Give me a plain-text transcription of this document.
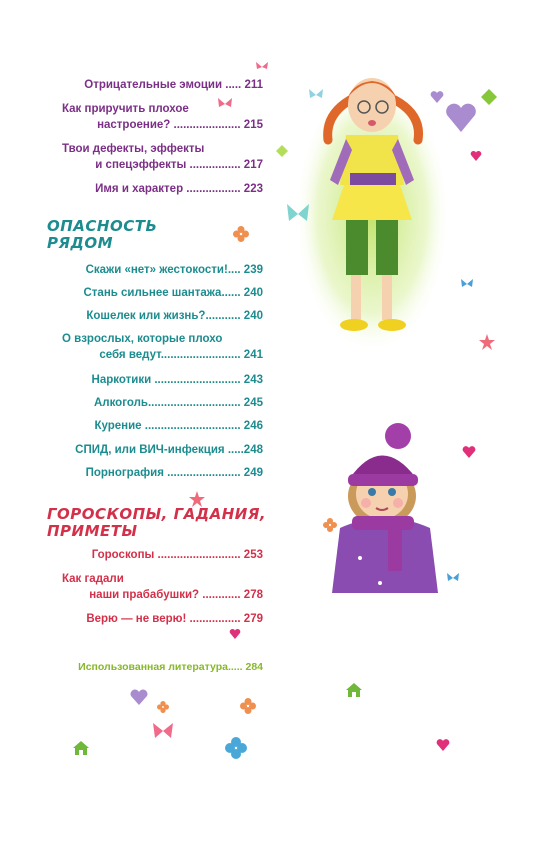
Отрицательные эмоции ..... 211
Как приручить плохое
настроение? ..................... 215
Твои дефекты, эффекты
и спецэффекты ................ 217
Имя и характер ................. 223
ОПАСНОСТЬ
РЯДОМ
Скажи «нет» жестокости!.... 239
Стань сильнее шантажа...... 240
Кошелек или жизнь?........... 240
О взрослых, которые плохо
себя ведут......................... 241
Наркотики ........................... 243
Алкоголь............................. 245
Курение .............................. 246
СПИД, или ВИЧ-инфекция .....248
Порнография ....................... 249
ГОРОСКОПЫ, ГАДАНИЯ,
ПРИМЕТЫ
Гороскопы .......................... 253
Как гадали
наши прабабушки? ............ 278
Верю — не верю! ................ 279
Использованная литература..... 284
